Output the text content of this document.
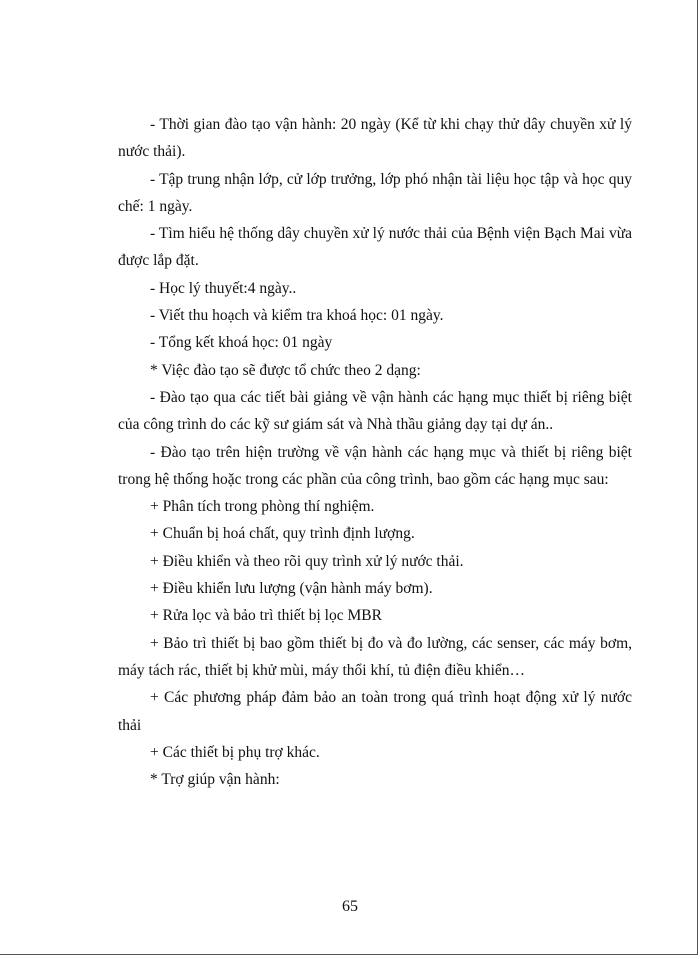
- Thời gian đào tạo vận hành: 20 ngày (Kể từ khi chạy thử dây chuyền xử lý nước thải).

- Tập trung nhận lớp, cử lớp trưởng, lớp phó nhận tài liệu học tập và học quy chế: 1 ngày.

- Tìm hiểu hệ thống dây chuyền xử lý nước thải của Bệnh viện Bạch Mai vừa được lắp đặt.

- Học lý thuyết:4 ngày..

- Viết thu hoạch và kiểm tra khoá học: 01 ngày.

- Tổng kết khoá học: 01 ngày

* Việc đào tạo sẽ được tổ chức theo 2 dạng:

- Đào tạo qua các tiết bài giảng về vận hành các hạng mục thiết bị riêng biệt của công trình do các kỹ sư giám sát và Nhà thầu giảng dạy tại dự án..

- Đào tạo trên hiện trường về vận hành các hạng mục và thiết bị riêng biệt trong hệ thống hoặc trong các phần của công trình, bao gồm các hạng mục sau:

+ Phân tích trong phòng thí nghiệm.

+ Chuẩn bị hoá chất, quy trình định lượng.

+ Điều khiển và theo rõi quy trình xử lý nước thải.

+ Điều khiển lưu lượng (vận hành máy bơm).

+ Rửa lọc và bảo trì thiết bị lọc MBR

+ Bảo trì thiết bị bao gồm thiết bị đo và đo lường, các senser, các máy bơm, máy tách rác, thiết bị khử mùi, máy thổi khí, tủ điện điều khiển…

+ Các phương pháp đảm bảo an toàn trong quá trình hoạt động xử lý nước thải

+ Các thiết bị phụ trợ khác.

* Trợ giúp vận hành:

65
